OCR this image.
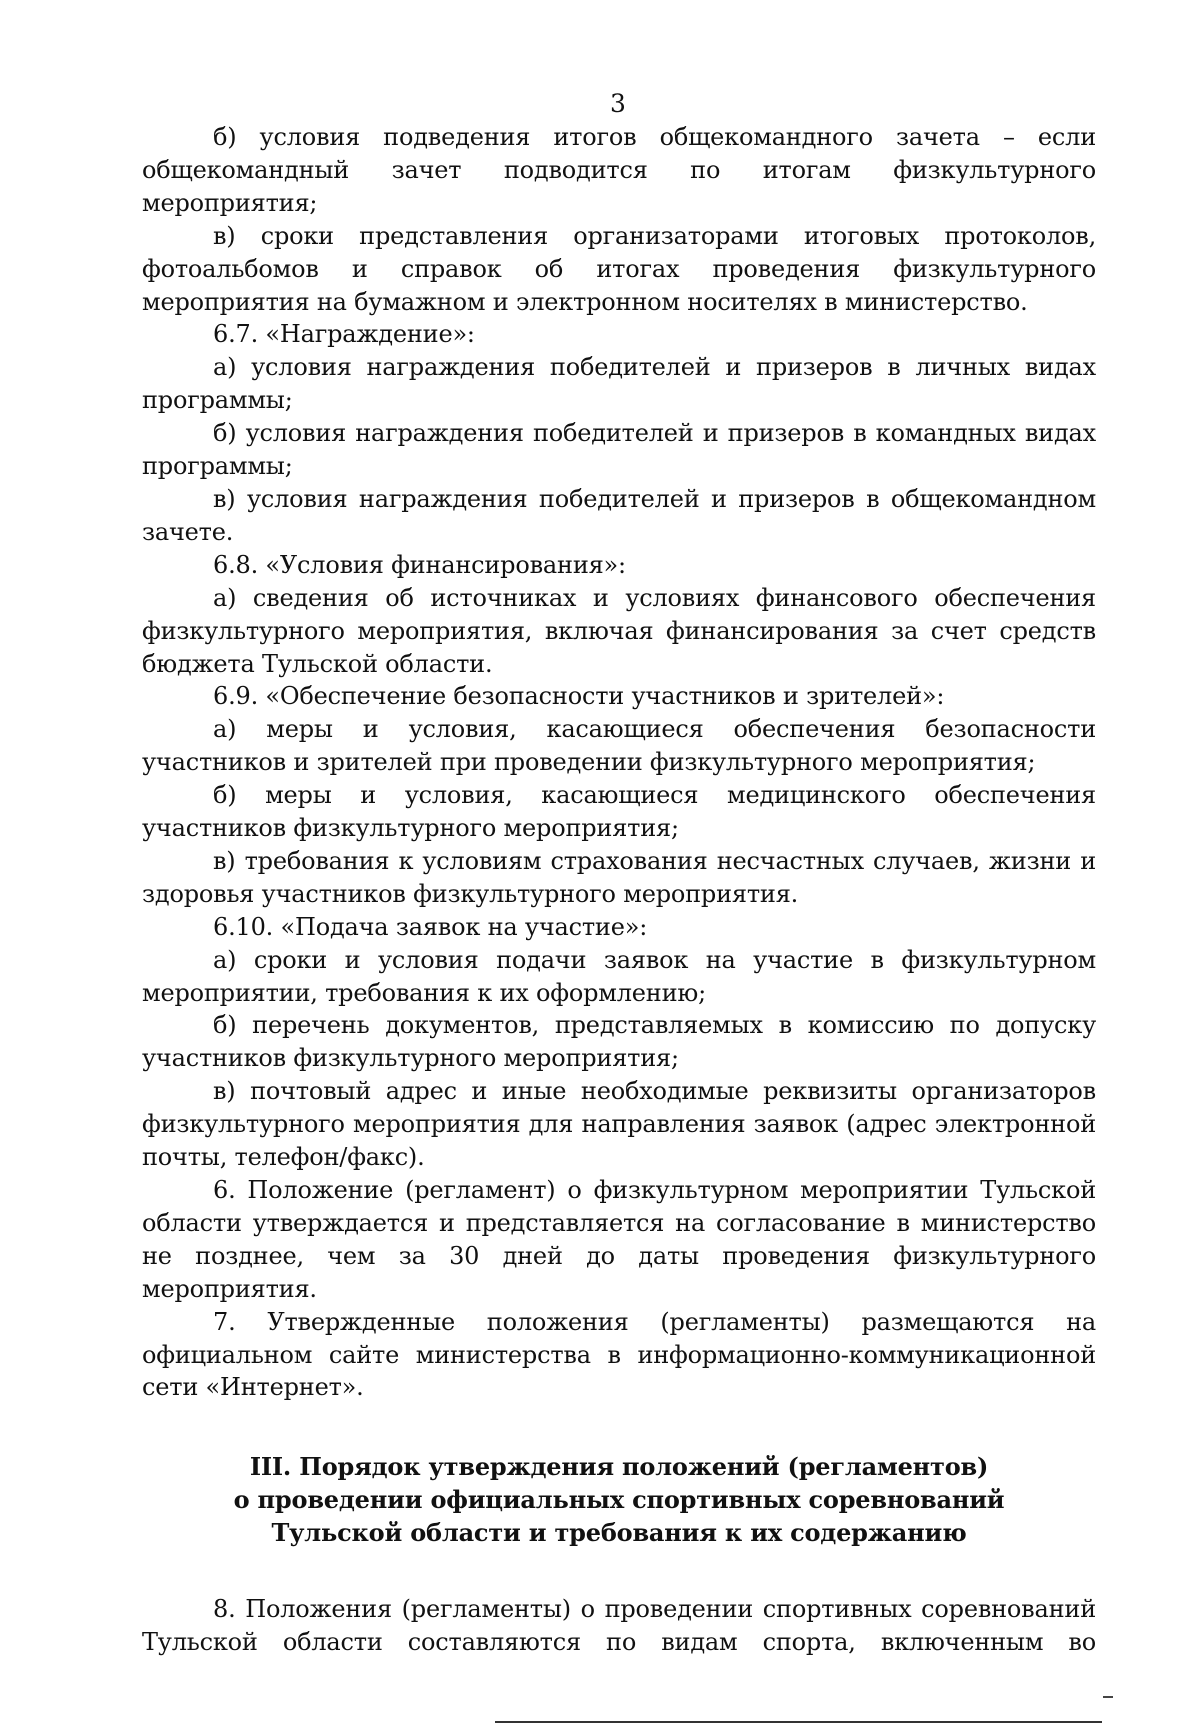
3

б) условия подведения итогов общекомандного зачета – если общекомандный зачет подводится по итогам физкультурного мероприятия;

в) сроки представления организаторами итоговых протоколов, фотоальбомов и справок об итогах проведения физкультурного мероприятия на бумажном и электронном носителях в министерство.

6.7. «Награждение»:

а) условия награждения победителей и призеров в личных видах программы;

б) условия награждения победителей и призеров в командных видах программы;

в) условия награждения победителей и призеров в общекомандном зачете.

6.8. «Условия финансирования»:

а) сведения об источниках и условиях финансового обеспечения физкультурного мероприятия, включая финансирования за счет средств бюджета Тульской области.

6.9. «Обеспечение безопасности участников и зрителей»:

а) меры и условия, касающиеся обеспечения безопасности участников и зрителей при проведении физкультурного мероприятия;

б) меры и условия, касающиеся медицинского обеспечения участников физкультурного мероприятия;

в) требования к условиям страхования несчастных случаев, жизни и здоровья участников физкультурного мероприятия.

6.10. «Подача заявок на участие»:

а) сроки и условия подачи заявок на участие в физкультурном мероприятии, требования к их оформлению;

б) перечень документов, представляемых в комиссию по допуску участников физкультурного мероприятия;

в) почтовый адрес и иные необходимые реквизиты организаторов физкультурного мероприятия для направления заявок (адрес электронной почты, телефон/факс).

6. Положение (регламент) о физкультурном мероприятии Тульской области утверждается и представляется на согласование в министерство не позднее, чем за 30 дней до даты проведения физкультурного мероприятия.

7. Утвержденные положения (регламенты) размещаются на официальном сайте министерства в информационно-коммуникационной сети «Интернет».

III. Порядок утверждения положений (регламентов)
о проведении официальных спортивных соревнований
Тульской области и требования к их содержанию

8. Положения (регламенты) о проведении спортивных соревнований Тульской области составляются по видам спорта, включенным во
